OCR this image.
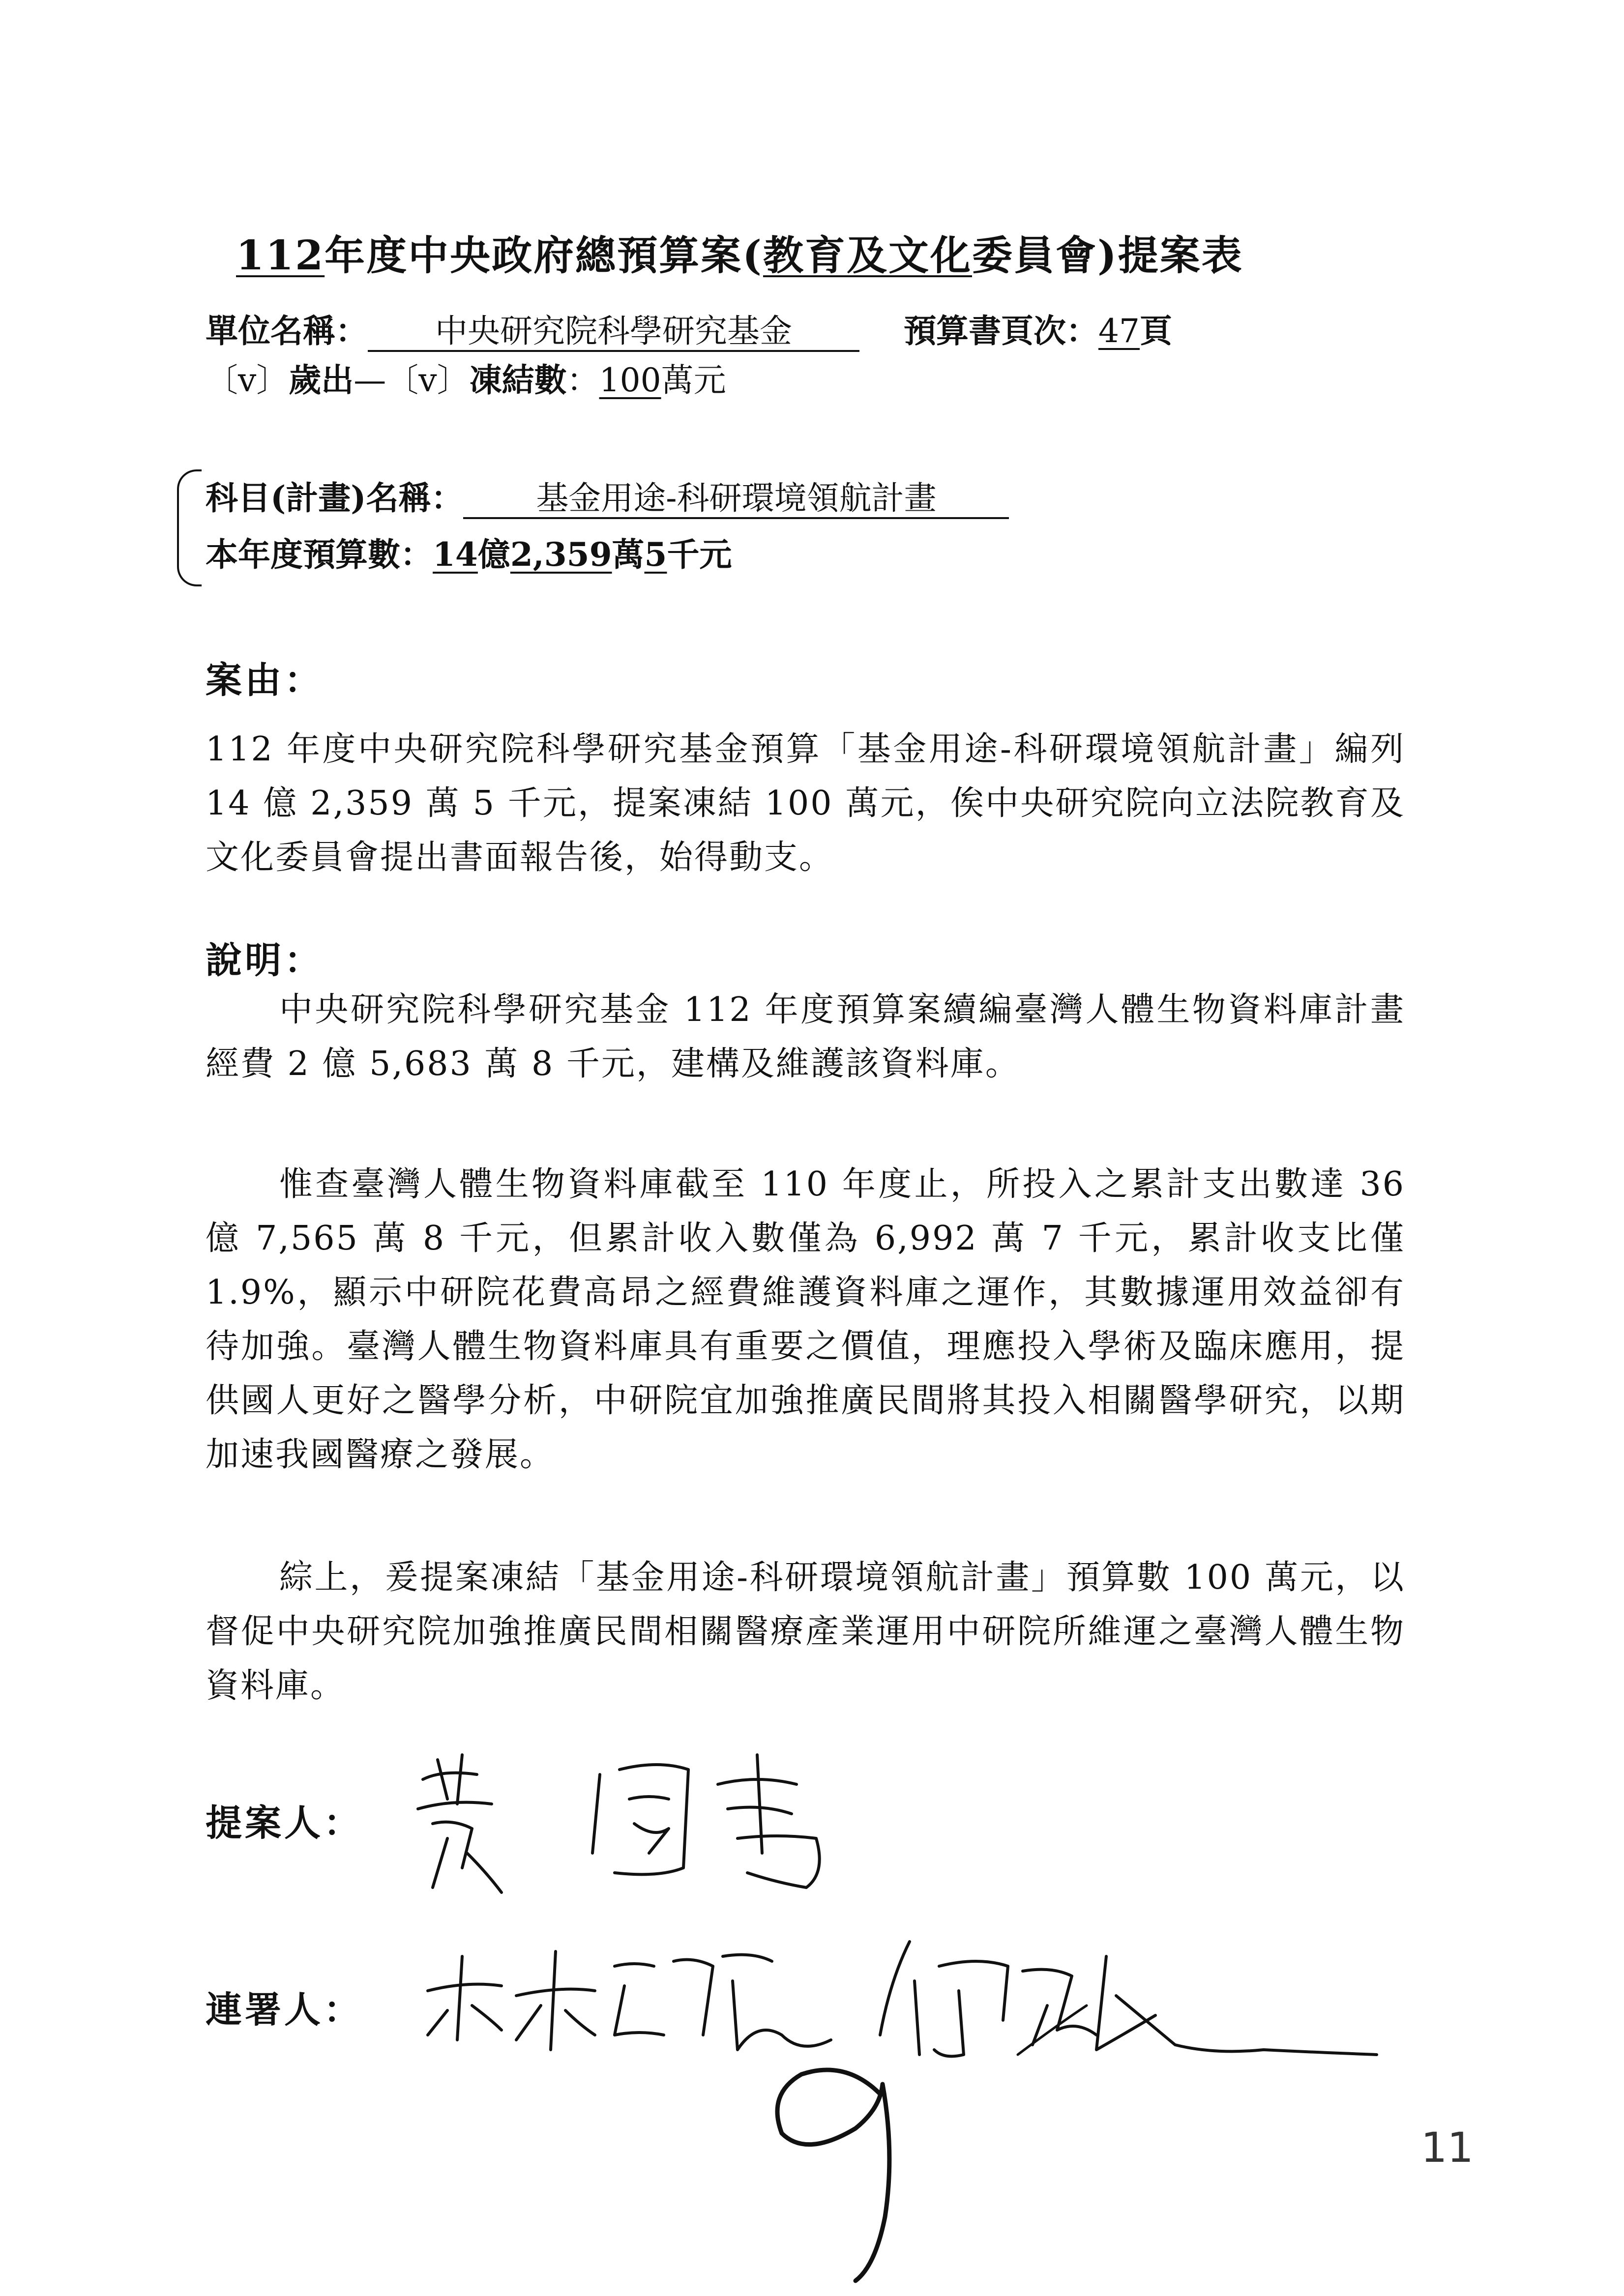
112年度中央政府總預算案(教育及文化委員會)提案表
單位名稱： 中央研究院科學研究基金	預算書頁次：47頁
〔v〕歲出—〔v〕凍結數：100萬元
科目(計畫)名稱： 基金用途-科研環境領航計畫
本年度預算數：14億2,359萬5千元
案由：
112 年度中央研究院科學研究基金預算「基金用途-科研環境領航計畫」編列 14 億 2,359 萬 5 千元，提案凍結 100 萬元，俟中央研究院向立法院教育及文化委員會提出書面報告後，始得動支。
說明：
中央研究院科學研究基金 112 年度預算案續編臺灣人體生物資料庫計畫經費 2 億 5,683 萬 8 千元，建構及維護該資料庫。
惟查臺灣人體生物資料庫截至 110 年度止，所投入之累計支出數達 36 億 7,565 萬 8 千元，但累計收入數僅為 6,992 萬 7 千元，累計收支比僅 1.9%，顯示中研院花費高昂之經費維護資料庫之運作，其數據運用效益卻有待加強。臺灣人體生物資料庫具有重要之價值，理應投入學術及臨床應用，提供國人更好之醫學分析，中研院宜加強推廣民間將其投入相關醫學研究，以期加速我國醫療之發展。
綜上，爰提案凍結「基金用途-科研環境領航計畫」預算數 100 萬元，以督促中央研究院加強推廣民間相關醫療產業運用中研院所維運之臺灣人體生物資料庫。
提案人：
連署人：
11
